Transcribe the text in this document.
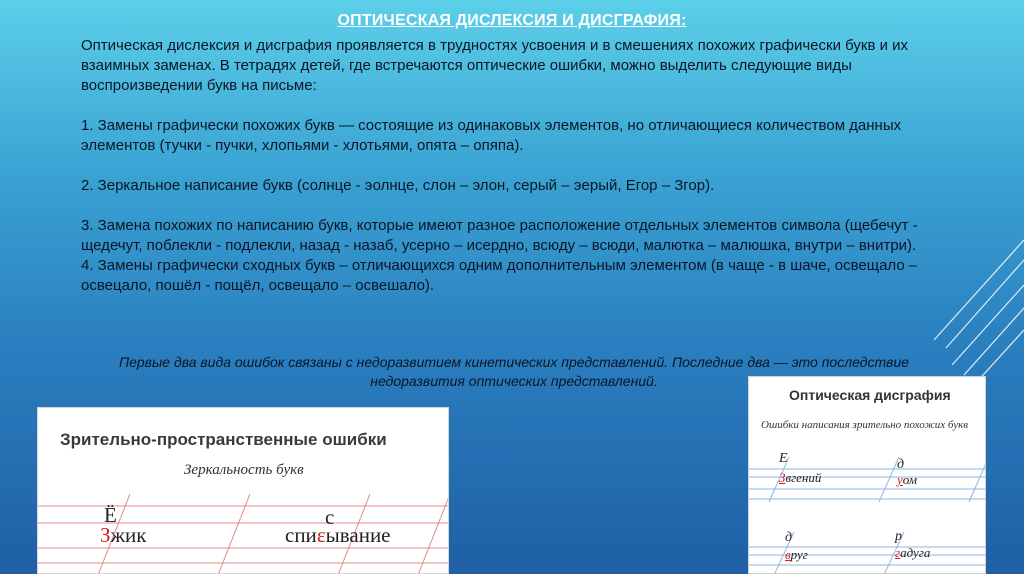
ОПТИЧЕСКАЯ ДИСЛЕКСИЯ И ДИСГРАФИЯ:

Оптическая дислексия и дисграфия проявляется в трудностях усвоения и в смешениях похожих графически букв и их взаимных заменах. В тетрадях детей, где встречаются оптические ошибки, можно выделить следующие виды воспроизведении букв на письме:

1. Замены графически похожих букв — состоящие из одинаковых элементов, но отличающиеся количеством данных элементов (тучки - пучки, хлопьями - хлотьями, опята – опяпа).

2. Зеркальное написание букв (солнце - эолнце, слон – элон, серый – эерый, Егор – Згор).

3. Замена похожих по написанию букв, которые имеют разное расположение отдельных элементов символа (щебечут - щедечут, поблекли - подлекли, назад - назаб, усерно – исердно, всюду – всюди, малютка – малюшка, внутри – внитри).

4. Замены графически сходных букв – отличающихся одним дополнительным элементом (в чаще - в шаче, освещало – освецало, пошёл - пощёл, освещало – освешало).

Первые два вида ошибок связаны с недоразвитием кинетических представлений. Последние два — это последствие недоразвития оптических представлений.
Зрительно-пространственные ошибки
Зеркальность букв
Ё
Зжик
с
спиɛывание
Оптическая дисграфия
Ошибки написания зрительно похожих букв
Е
Звгений
д
уом
д
вруг
р
гадуга
